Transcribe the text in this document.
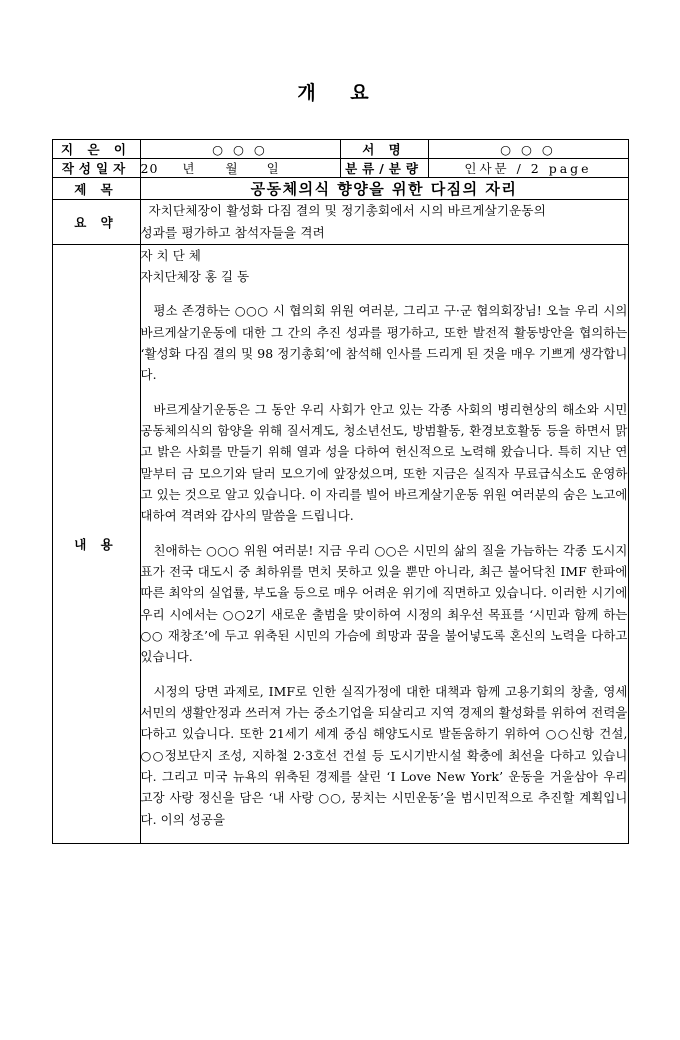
개 요
지 은 이	○ ○ ○	서 명	○ ○ ○
작성일자	20 년 월 일	분류/분량	인사문 / 2 page
제 목	공동체의식 향양을 위한 다짐의 자리		
요 약	자치단체장이 활성화 다짐 결의 및 정기총회에서 시의 바르게살기운동의
성과를 평가하고 참석자들을 격려		
내 용	

자 치 단 체

자치단체장 홍 길 동

평소 존경하는 ○○○ 시 협의회 위원 여러분, 그리고 구·군 협의회장님! 오늘 우리 시의 바르게살기운동에 대한 그 간의 추진 성과를 평가하고, 또한 발전적 활동방안을 협의하는 ‘활성화 다짐 결의 및 98 정기총회’에 참석해 인사를 드리게 된 것을 매우 기쁘게 생각합니다.

바르게살기운동은 그 동안 우리 사회가 안고 있는 각종 사회의 병리현상의 해소와 시민 공동체의식의 함양을 위해 질서계도, 청소년선도, 방범활동, 환경보호활동 등을 하면서 맑고 밝은 사회를 만들기 위해 열과 성을 다하여 헌신적으로 노력해 왔습니다. 특히 지난 연말부터 금 모으기와 달러 모으기에 앞장섰으며, 또한 지금은 실직자 무료급식소도 운영하고 있는 것으로 알고 있습니다. 이 자리를 빌어 바르게살기운동 위원 여러분의 숨은 노고에 대하여 격려와 감사의 말씀을 드립니다.

친애하는 ○○○ 위원 여러분! 지금 우리 ○○은 시민의 삶의 질을 가늠하는 각종 도시지표가 전국 대도시 중 최하위를 면치 못하고 있을 뿐만 아니라, 최근 불어닥친 IMF 한파에 따른 최악의 실업률, 부도율 등으로 매우 어려운 위기에 직면하고 있습니다. 이러한 시기에 우리 시에서는 ○○2기 새로운 출범을 맞이하여 시정의 최우선 목표를 ‘시민과 함께 하는 ○○ 재창조’에 두고 위축된 시민의 가슴에 희망과 꿈을 불어넣도록 혼신의 노력을 다하고 있습니다.

시정의 당면 과제로, IMF로 인한 실직가정에 대한 대책과 함께 고용기회의 창출, 영세서민의 생활안정과 쓰러져 가는 중소기업을 되살리고 지역 경제의 활성화를 위하여 전력을 다하고 있습니다. 또한 21세기 세계 중심 해양도시로 발돋움하기 위하여 ○○신항 건설, ○○정보단지 조성, 지하철 2·3호선 건설 등 도시기반시설 확충에 최선을 다하고 있습니다. 그리고 미국 뉴욕의 위축된 경제를 살린 ‘I Love New York’ 운동을 거울삼아 우리 고장 사랑 정신을 담은 ‘내 사랑 ○○, 뭉치는 시민운동’을 범시민적으로 추진할 계획입니다. 이의 성공을
